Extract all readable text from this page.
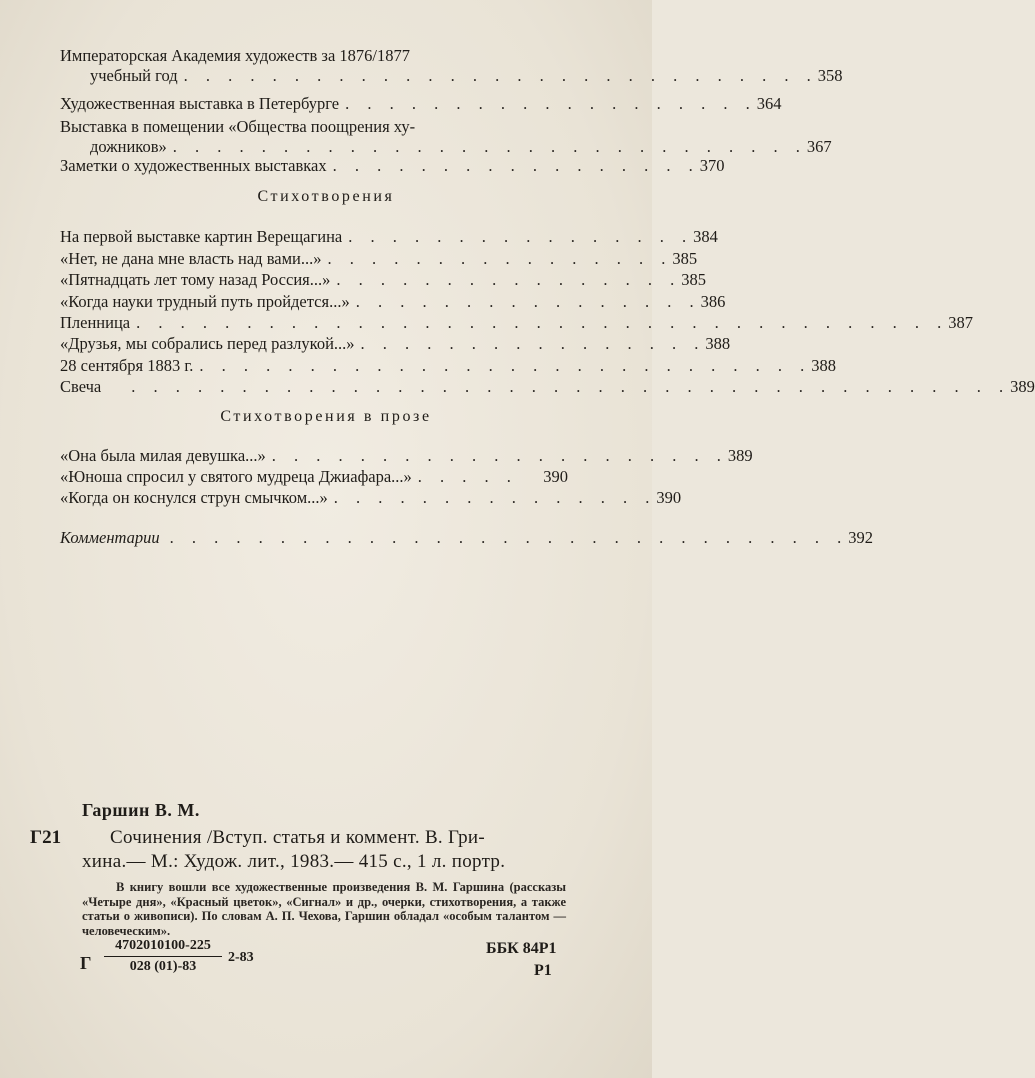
Императорская Академия художеств за 1876/1877
учебный год . . . . . . . . . . . . . . . . . . . . . . . . . . . . . 358
Художественная выставка в Петербурге . . . . . . . . . . . . . . . . . . . 364
Выставка в помещении «Общества поощрения ху-
дожников» . . . . . . . . . . . . . . . . . . . . . . . . . . . . . 367
Заметки о художественных выставках . . . . . . . . . . . . . . . . . 370
Стихотворения
На первой выставке картин Верещагина . . . . . . . . . . . . . . . . 384
«Нет, не дана мне власть над вами...» . . . . . . . . . . . . . . . . 385
«Пятнадцать лет тому назад Россия...» . . . . . . . . . . . . . . . . 385
«Когда науки трудный путь пройдется...» . . . . . . . . . . . . . . . . 386
Пленница . . . . . . . . . . . . . . . . . . . . . . . . . . . . . . . . . . . . . 387
«Друзья, мы собрались перед разлукой...» . . . . . . . . . . . . . . . . 388
28 сентября 1883 г. . . . . . . . . . . . . . . . . . . . . . . . . . . . . 388
Свеча	. . . . . . . . . . . . . . . . . . . . . . . . . . . . . . . . . . . . . . . . 389
Стихотворения в прозе
«Она была милая девушка...» . . . . . . . . . . . . . . . . . . . . . 389
«Юноша спросил у святого мудреца Джиафара...» . . . . .	390
«Когда он коснулся струн смычком...» . . . . . . . . . . . . . . . 390
Комментарии . . . . . . . . . . . . . . . . . . . . . . . . . . . . . . . 392
Гаршин В. М.
Г21	Сочинения /Вступ. статья и коммент. В. Гри-
хина.— М.: Худож. лит., 1983.— 415 с., 1 л. портр.
В книгу вошли все художественные произведения В. М. Гаршина (рассказы «Четыре дня», «Красный цветок», «Сигнал» и др., очерки, стихотворения, а также статьи о живописи). По словам А. П. Чехова, Гаршин обладал «особым талантом — человеческим».
Г $\frac{4702010100-225}{028 (01)-83} 2-83$
ББК 84Р1
Р1
